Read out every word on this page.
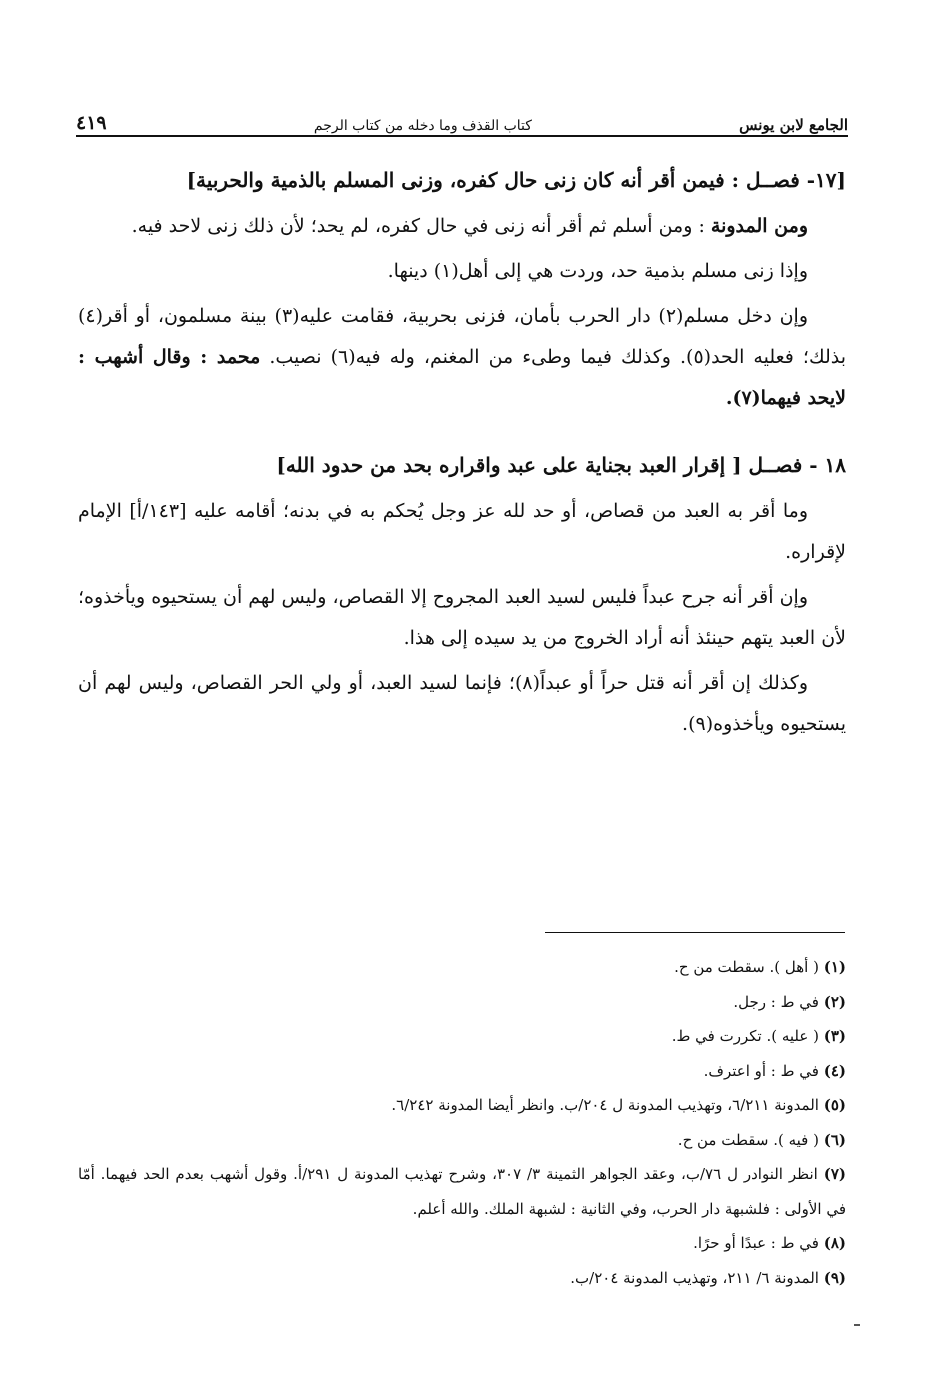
الجامع لابن يونس
كتاب القذف وما دخله من كتاب الرجم
٤١٩
[١٧- فصــل : فيمن أقر أنه كان زنى حال كفره، وزنى المسلم بالذمية والحربية]

ومن المدونة : ومن أسلم ثم أقر أنه زنى في حال كفره، لم يحد؛ لأن ذلك زنى لاحد فيه.

وإذا زنى مسلم بذمية حد، وردت هي إلى أهل(١) دينها.

وإن دخل مسلم(٢) دار الحرب بأمان، فزنى بحربية، فقامت عليه(٣) بينة مسلمون، أو أقر(٤) بذلك؛ فعليه الحد(٥). وكذلك فيما وطىء من المغنم، وله فيه(٦) نصيب. محمد : وقال أشهب : لايحد فيهما(٧).

١٨ - فصــل [ إقرار العبد بجناية على عبد واقراره بحد من حدود الله]

وما أقر به العبد من قصاص، أو حد لله عز وجل يُحكم به في بدنه؛ أقامه عليه [١٤٣/أ] الإمام لإقراره.

وإن أقر أنه جرح عبداً فليس لسيد العبد المجروح إلا القصاص، وليس لهم أن يستحيوه ويأخذوه؛ لأن العبد يتهم حينئذ أنه أراد الخروج من يد سيده إلى هذا.

وكذلك إن أقر أنه قتل حراً أو عبداً(٨)؛ فإنما لسيد العبد، أو ولي الحر القصاص، وليس لهم أن يستحيوه ويأخذوه(٩).

(١) ( أهل ). سقطت من ح.
(٢) في ط : رجل.
(٣) ( عليه ). تكررت في ط.
(٤) في ط : أو اعترف.
(٥) المدونة ٦/٢١١، وتهذيب المدونة ل ٢٠٤/ب. وانظر أيضا المدونة ٦/٢٤٢.
(٦) ( فيه ). سقطت من ح.
(٧) انظر النوادر ل ٧٦/ب، وعقد الجواهر الثمينة ٣/ ٣٠٧، وشرح تهذيب المدونة ل ٢٩١/أ. وقول أشهب بعدم الحد فيهما. أمّا في الأولى : فلشبهة دار الحرب، وفي الثانية : لشبهة الملك. والله أعلم.
(٨) في ط : عبدًا أو حرًا.
(٩) المدونة ٦/ ٢١١، وتهذيب المدونة ٢٠٤/ب.
